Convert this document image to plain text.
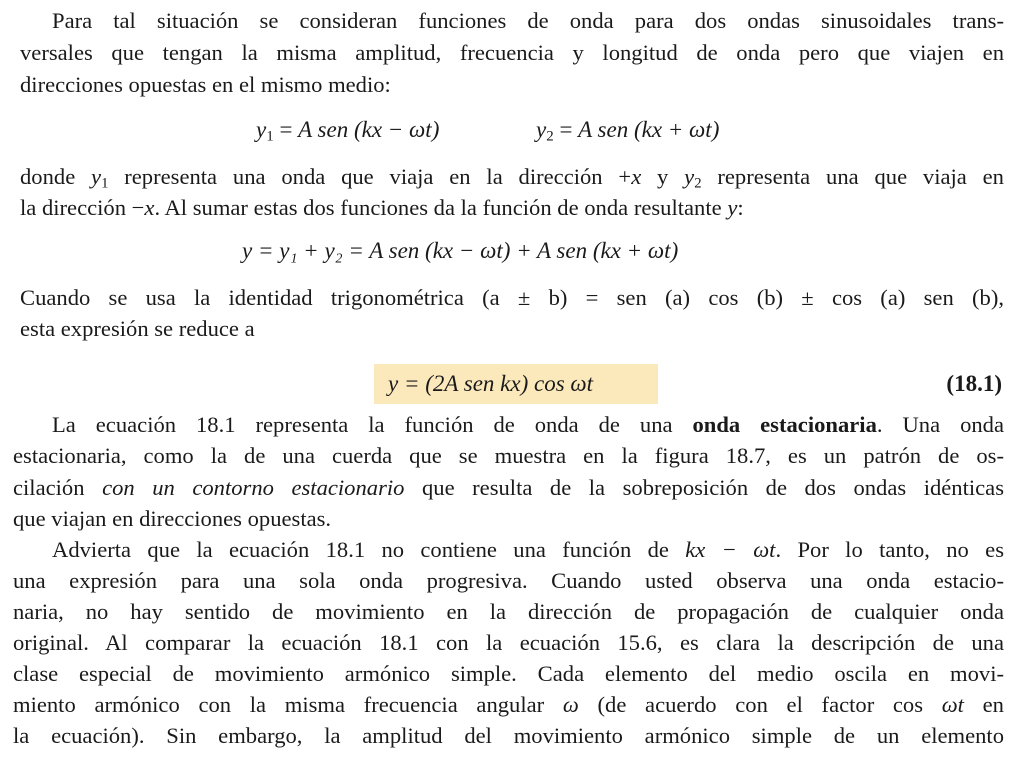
Para tal situación se consideran funciones de onda para dos ondas sinusoidales trans-

versales que tengan la misma amplitud, frecuencia y longitud de onda pero que viajen en

direcciones opuestas en el mismo medio:

$y_1 = A$ sen (kx − ωt)	$y_2 = A$ sen (kx + ωt)

donde $y_1$ representa una onda que viaja en la dirección +x y $y_2$ representa una que viaja en

la dirección −x. Al sumar estas dos funciones da la función de onda resultante y:

y = y₁ + y₂ = A sen (kx − ωt) + A sen (kx + ωt)

Cuando se usa la identidad trigonométrica (a ± b) = sen (a) cos (b) ± cos (a) sen (b),

esta expresión se reduce a

y = (2A sen kx) cos ωt	(18.1)

La ecuación 18.1 representa la función de onda de una onda estacionaria. Una onda

estacionaria, como la de una cuerda que se muestra en la figura 18.7, es un patrón de os-

cilación con un contorno estacionario que resulta de la sobreposición de dos ondas idénticas

que viajan en direcciones opuestas.

Advierta que la ecuación 18.1 no contiene una función de kx − ωt. Por lo tanto, no es

una expresión para una sola onda progresiva. Cuando usted observa una onda estacio-

naria, no hay sentido de movimiento en la dirección de propagación de cualquier onda

original. Al comparar la ecuación 18.1 con la ecuación 15.6, es clara la descripción de una

clase especial de movimiento armónico simple. Cada elemento del medio oscila en movi-

miento armónico con la misma frecuencia angular ω (de acuerdo con el factor cos ωt en

la ecuación). Sin embargo, la amplitud del movimiento armónico simple de un elemento
